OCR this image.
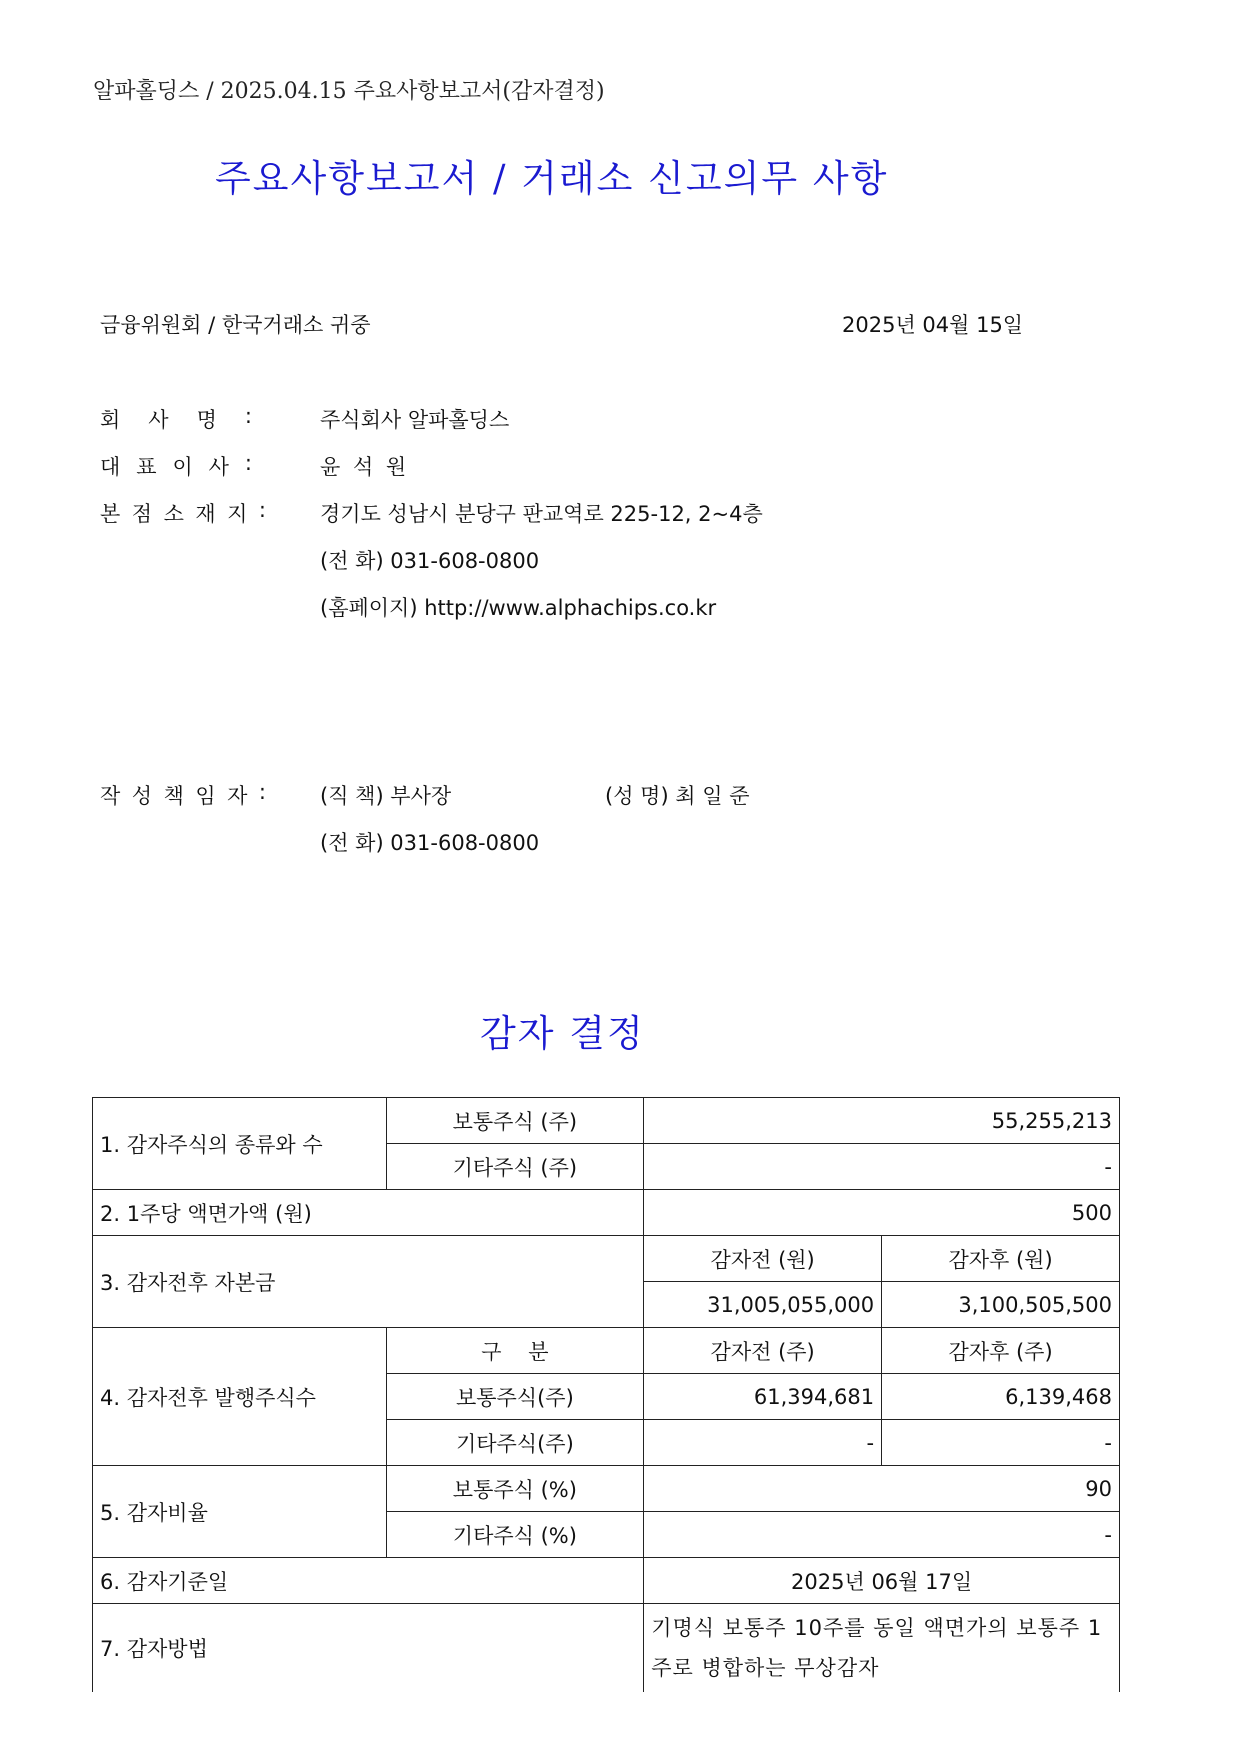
알파홀딩스 / 2025.04.15 주요사항보고서(감자결정)
주요사항보고서 / 거래소 신고의무 사항
금융위원회 / 한국거래소 귀중	2025년 04월 15일
회 사 명 :	주식회사 알파홀딩스
대 표 이 사 :	윤 석 원
본 점 소 재 지 :	경기도 성남시 분당구 판교역로 225-12, 2~4층
(전 화) 031-608-0800
(홈페이지) http://www.alphachips.co.kr
작 성 책 임 자 :	(직 책) 부사장	(성 명) 최 일 준
(전 화) 031-608-0800
감자 결정
1. 감자주식의 종류와 수	보통주식 (주)	55,255,213	
	기타주식 (주)	-	
2. 1주당 액면가액 (원)		500	
3. 감자전후 자본금		감자전 (원)	감자후 (원)
		31,005,055,000	3,100,505,500
4. 감자전후 발행주식수	구    분	감자전 (주)	감자후 (주)
	보통주식(주)	61,394,681	6,139,468
	기타주식(주)	-	-
5. 감자비율	보통주식 (%)	90	
	기타주식 (%)	-	
6. 감자기준일		2025년 06월 17일	
7. 감자방법		기명식 보통주 10주를 동일 액면가의 보통주 1주로 병합하는 무상감자	
